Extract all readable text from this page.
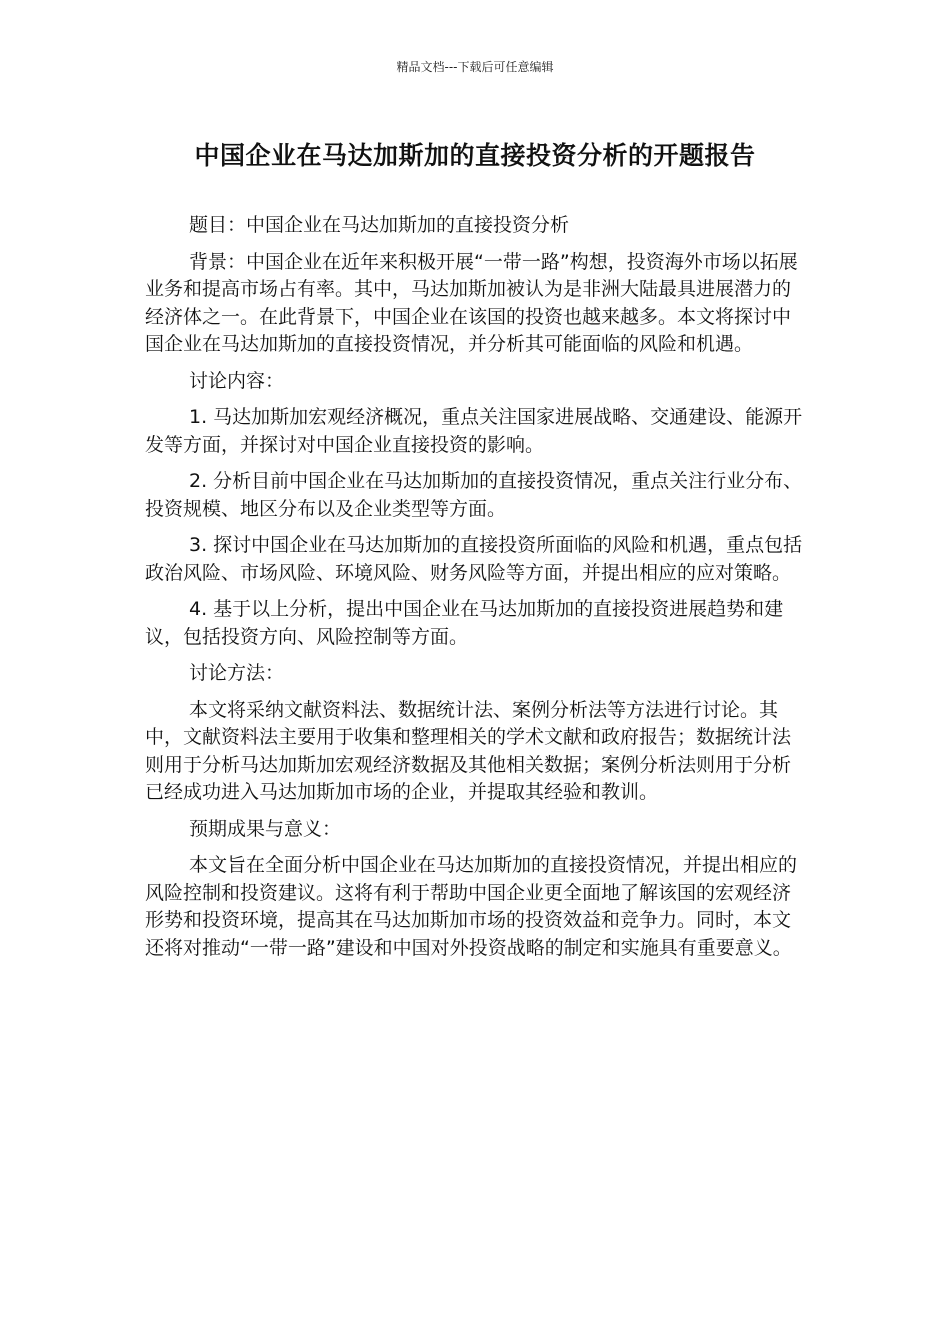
精品文档---下载后可任意编辑
中国企业在马达加斯加的直接投资分析的开题报告

题目：中国企业在马达加斯加的直接投资分析

背景：中国企业在近年来积极开展“一带一路”构想，投资海外市场以拓展业务和提高市场占有率。其中，马达加斯加被认为是非洲大陆最具进展潜力的经济体之一。在此背景下，中国企业在该国的投资也越来越多。本文将探讨中国企业在马达加斯加的直接投资情况，并分析其可能面临的风险和机遇。

讨论内容：

1. 马达加斯加宏观经济概况，重点关注国家进展战略、交通建设、能源开发等方面，并探讨对中国企业直接投资的影响。

2. 分析目前中国企业在马达加斯加的直接投资情况，重点关注行业分布、投资规模、地区分布以及企业类型等方面。

3. 探讨中国企业在马达加斯加的直接投资所面临的风险和机遇，重点包括政治风险、市场风险、环境风险、财务风险等方面，并提出相应的应对策略。

4. 基于以上分析，提出中国企业在马达加斯加的直接投资进展趋势和建议，包括投资方向、风险控制等方面。

讨论方法：

本文将采纳文献资料法、数据统计法、案例分析法等方法进行讨论。其中，文献资料法主要用于收集和整理相关的学术文献和政府报告；数据统计法则用于分析马达加斯加宏观经济数据及其他相关数据；案例分析法则用于分析已经成功进入马达加斯加市场的企业，并提取其经验和教训。

预期成果与意义：

本文旨在全面分析中国企业在马达加斯加的直接投资情况，并提出相应的风险控制和投资建议。这将有利于帮助中国企业更全面地了解该国的宏观经济形势和投资环境，提高其在马达加斯加市场的投资效益和竞争力。同时，本文还将对推动“一带一路”建设和中国对外投资战略的制定和实施具有重要意义。
